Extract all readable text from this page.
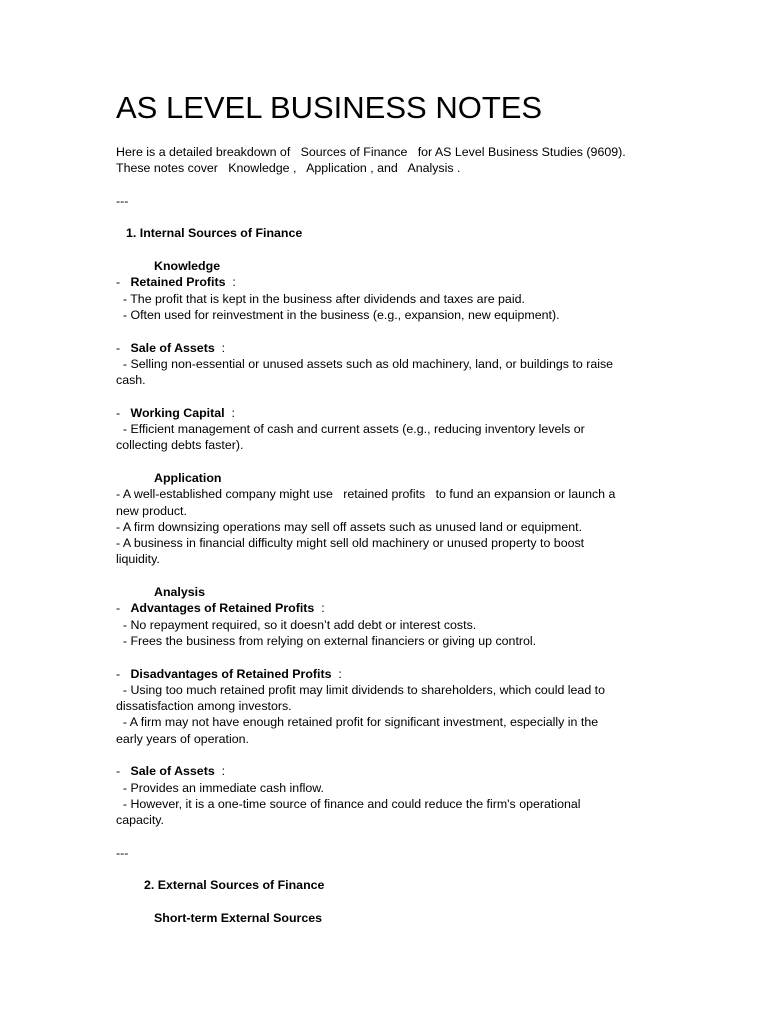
AS LEVEL BUSINESS NOTES
Here is a detailed breakdown of Sources of Finance for AS Level Business Studies (9609).
These notes cover Knowledge , Application , and Analysis .
---
1. Internal Sources of Finance
Knowledge
- Retained Profits :
- The profit that is kept in the business after dividends and taxes are paid.
- Often used for reinvestment in the business (e.g., expansion, new equipment).
- Sale of Assets :
- Selling non-essential or unused assets such as old machinery, land, or buildings to raise
cash.
- Working Capital :
- Efficient management of cash and current assets (e.g., reducing inventory levels or
collecting debts faster).
Application
- A well-established company might use retained profits to fund an expansion or launch a
new product.
- A firm downsizing operations may sell off assets such as unused land or equipment.
- A business in financial difficulty might sell old machinery or unused property to boost
liquidity.
Analysis
- Advantages of Retained Profits :
- No repayment required, so it doesn’t add debt or interest costs.
- Frees the business from relying on external financiers or giving up control.
- Disadvantages of Retained Profits :
- Using too much retained profit may limit dividends to shareholders, which could lead to
dissatisfaction among investors.
- A firm may not have enough retained profit for significant investment, especially in the
early years of operation.
- Sale of Assets :
- Provides an immediate cash inflow.
- However, it is a one-time source of finance and could reduce the firm's operational
capacity.
---
2. External Sources of Finance
Short-term External Sources
